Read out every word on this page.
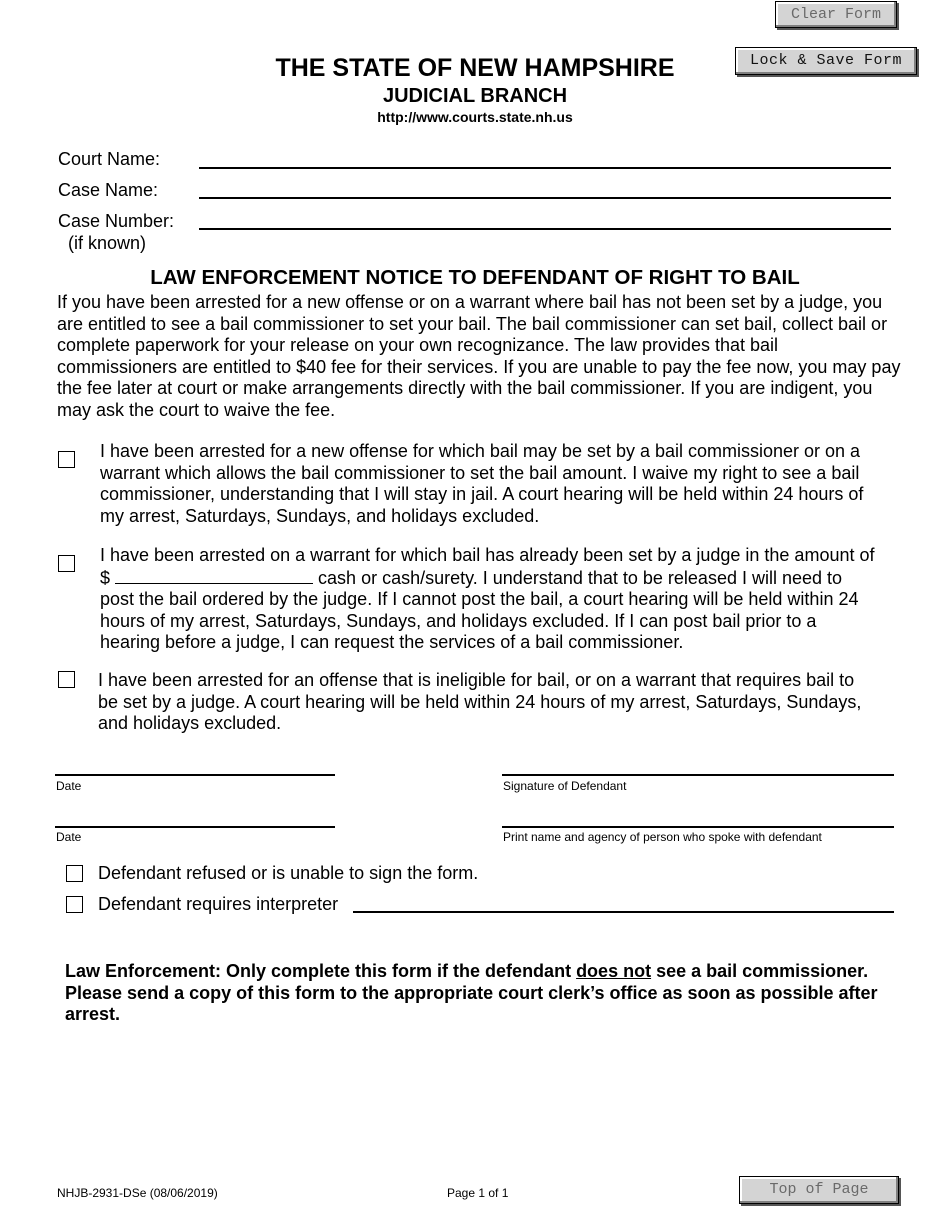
Clear Form
Lock & Save Form
THE STATE OF NEW HAMPSHIRE
JUDICIAL BRANCH
http://www.courts.state.nh.us
Court Name:
Case Name:
Case Number:
(if known)
LAW ENFORCEMENT NOTICE TO DEFENDANT OF RIGHT TO BAIL
If you have been arrested for a new offense or on a warrant where bail has not been set by a judge, you are entitled to see a bail commissioner to set your bail. The bail commissioner can set bail, collect bail or complete paperwork for your release on your own recognizance. The law provides that bail commissioners are entitled to $40 fee for their services. If you are unable to pay the fee now, you may pay the fee later at court or make arrangements directly with the bail commissioner. If you are indigent, you may ask the court to waive the fee.
I have been arrested for a new offense for which bail may be set by a bail commissioner or on a warrant which allows the bail commissioner to set the bail amount. I waive my right to see a bail commissioner, understanding that I will stay in jail. A court hearing will be held within 24 hours of my arrest, Saturdays, Sundays, and holidays excluded.
I have been arrested on a warrant for which bail has already been set by a judge in the amount of $	cash or cash/surety. I understand that to be released I will need to post the bail ordered by the judge. If I cannot post the bail, a court hearing will be held within 24 hours of my arrest, Saturdays, Sundays, and holidays excluded. If I can post bail prior to a hearing before a judge, I can request the services of a bail commissioner.
I have been arrested for an offense that is ineligible for bail, or on a warrant that requires bail to be set by a judge. A court hearing will be held within 24 hours of my arrest, Saturdays, Sundays, and holidays excluded.
Date	Signature of Defendant
Date	Print name and agency of person who spoke with defendant
Defendant refused or is unable to sign the form.
Defendant requires interpreter
Law Enforcement: Only complete this form if the defendant does not see a bail commissioner. Please send a copy of this form to the appropriate court clerk’s office as soon as possible after arrest.
NHJB-2931-DSe (08/06/2019)	Page 1 of 1	Top of Page
